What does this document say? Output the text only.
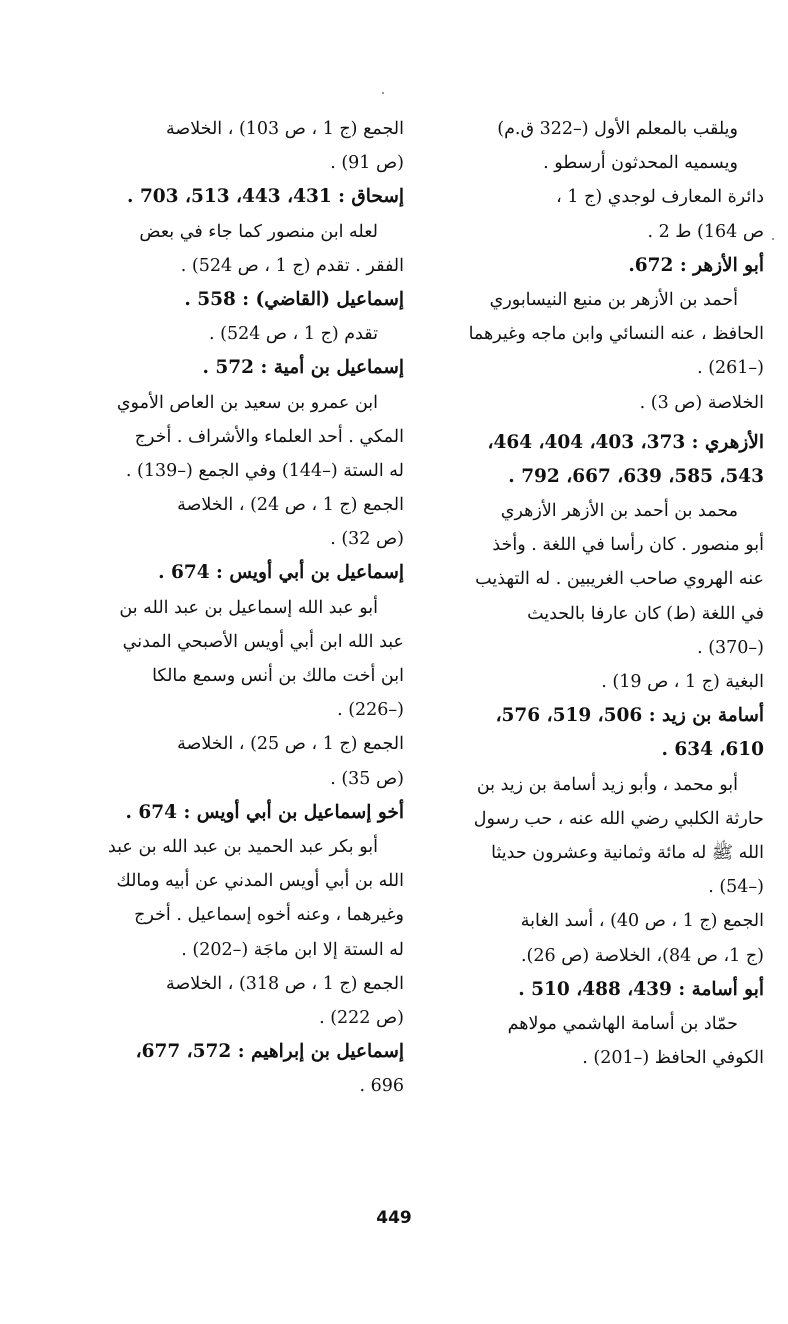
ويلقب بالمعلم الأول (–322 ق.م)
ويسميه المحدثون أرسطو .
دائرة المعارف لوجدي (ج 1 ،
ص 164) ط 2 .
أبو الأزهر : 672.
أحمد بن الأزهر بن منيع النيسابوري
الحافظ ، عنه النسائي وابن ماجه وغيرهما
(–261) .
الخلاصة (ص 3) .
الأزهري : 373، 403، 404، 464،
543، 585، 639، 667، 792 .
محمد بن أحمد بن الأزهر الأزهري
أبو منصور . كان رأسا في اللغة . وأخذ
عنه الهروي صاحب الغريبين . له التهذيب
في اللغة (ط) كان عارفا بالحديث
(–370) .
البغية (ج 1 ، ص 19) .
أسامة بن زيد : 506، 519، 576،
610، 634 .
أبو محمد ، وأبو زيد أسامة بن زيد بن
حارثة الكلبي رضي الله عنه ، حب رسول
الله ﷺ له مائة وثمانية وعشرون حديثا
(–54) .
الجمع (ج 1 ، ص 40) ، أسد الغابة
(ج 1، ص 84)، الخلاصة (ص 26).
أبو أسامة : 439، 488، 510 .
حمّاد بن أسامة الهاشمي مولاهم
الكوفي الحافظ (–201) .
الجمع (ج 1 ، ص 103) ، الخلاصة
(ص 91) .
إسحاق : 431، 443، 513، 703 .
لعله ابن منصور كما جاء في بعض
الفقر . تقدم (ج 1 ، ص 524) .
إسماعيل (القاضي) : 558 .
تقدم (ج 1 ، ص 524) .
إسماعيل بن أمية : 572 .
ابن عمرو بن سعيد بن العاص الأموي
المكي . أحد العلماء والأشراف . أخرج
له الستة (–144) وفي الجمع (–139) .
الجمع (ج 1 ، ص 24) ، الخلاصة
(ص 32) .
إسماعيل بن أبي أويس : 674 .
أبو عبد الله إسماعيل بن عبد الله بن
عبد الله ابن أبي أويس الأصبحي المدني
ابن أخت مالك بن أنس وسمع مالكا
(–226) .
الجمع (ج 1 ، ص 25) ، الخلاصة
(ص 35) .
أخو إسماعيل بن أبي أويس : 674 .
أبو بكر عبد الحميد بن عبد الله بن عبد
الله بن أبي أويس المدني عن أبيه ومالك
وغيرهما ، وعنه أخوه إسماعيل . أخرج
له الستة إلا ابن ماجَة (–202) .
الجمع (ج 1 ، ص 318) ، الخلاصة
(ص 222) .
إسماعيل بن إبراهيم : 572، 677،
696 .
449
